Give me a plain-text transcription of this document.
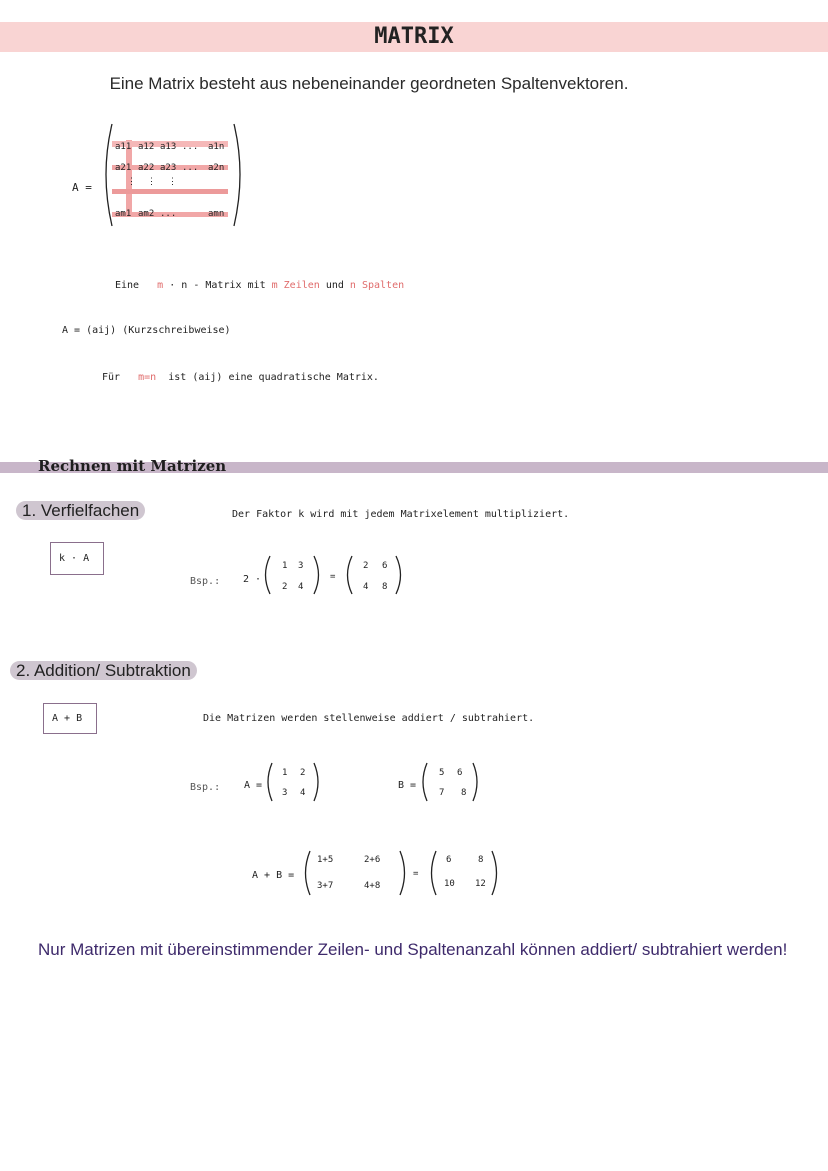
MATRIX
Eine Matrix besteht aus nebeneinander geordneten Spaltenvektoren.
A =
a11 a12 a13 ... a1n
a21 a22 a23 ... a2n
⋮ ⋮ ⋮
am1 am2 ...	amn
Eine m · n - Matrix mit m Zeilen und n Spalten
A = (aij) (Kurzschreibweise)
Für m=n ist (aij) eine quadratische Matrix.
Rechnen mit Matrizen
1. Verfielfachen	Der Faktor k wird mit jedem Matrixelement multipliziert.
k · A
Bsp.: 2 ·
1 3
2 4
=
2 6
4 8
2. Addition/ Subtraktion
Die Matrizen werden stellenweise addiert / subtrahiert.
A + B
Bsp.: A =
1 2
3 4
B =
5 6
7 8
A + B =
1+5	2+6
3+7	4+8
=
6	8
10 12
Nur Matrizen mit übereinstimmender Zeilen- und Spaltenanzahl können addiert/ subtrahiert werden!
